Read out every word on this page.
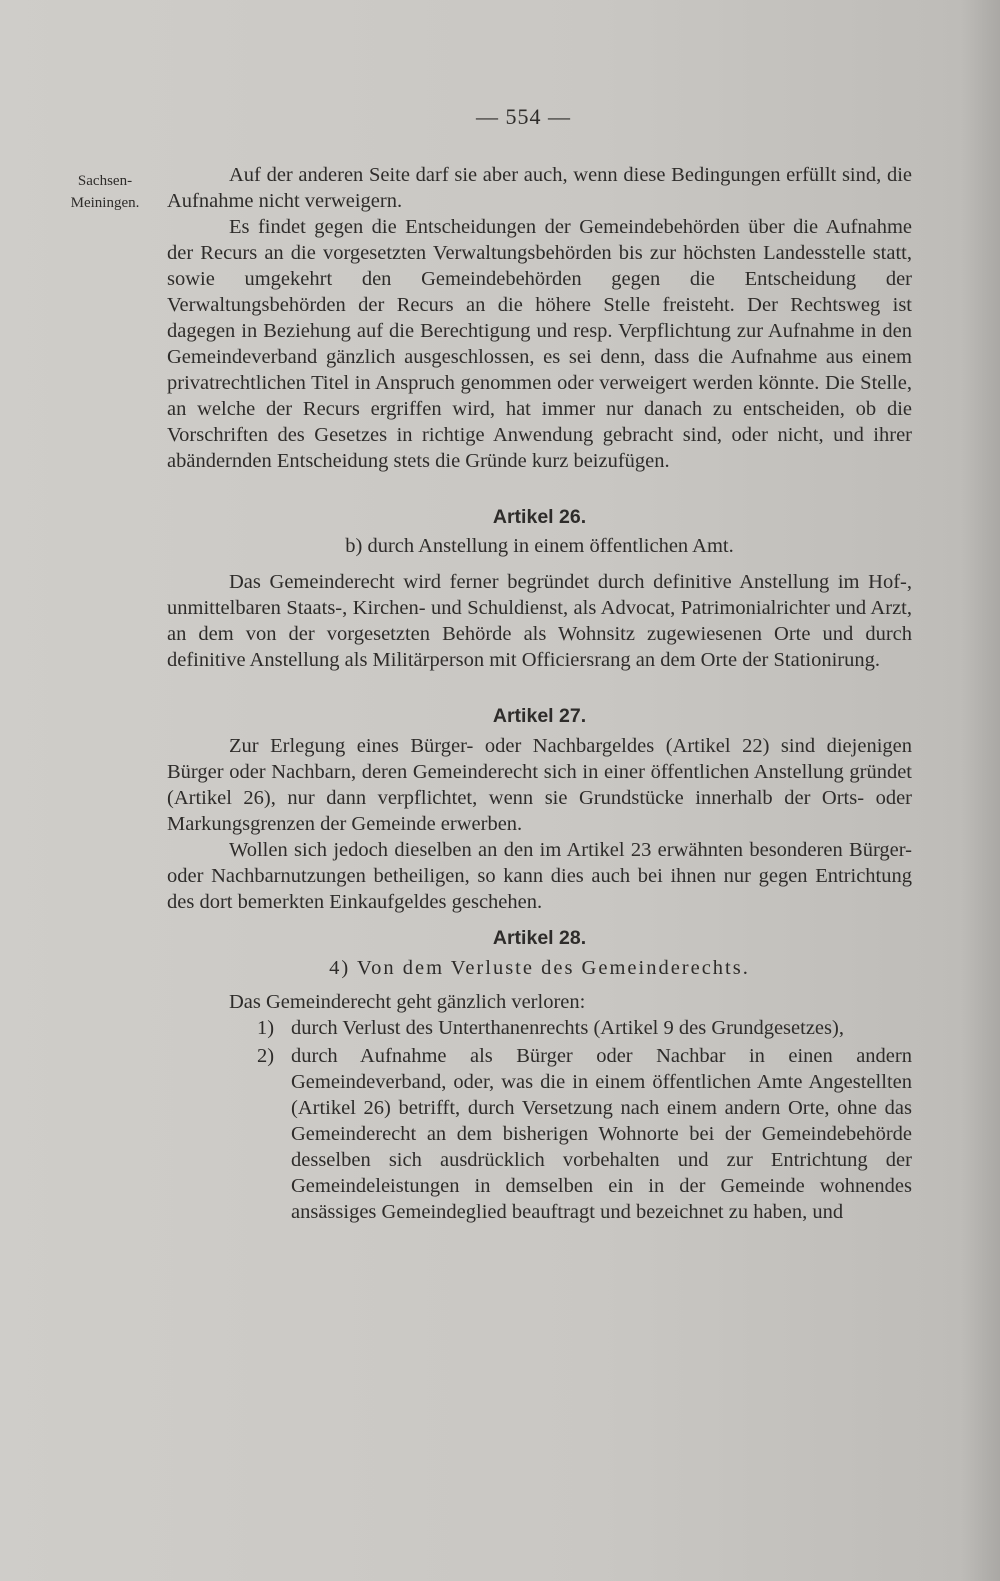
— 554 —
Sachsen-
Meiningen.

Auf der anderen Seite darf sie aber auch, wenn diese Bedingungen erfüllt sind, die Aufnahme nicht verweigern.

Es findet gegen die Entscheidungen der Gemeindebehörden über die Aufnahme der Recurs an die vorgesetzten Verwaltungsbehörden bis zur höchsten Landesstelle statt, sowie umgekehrt den Gemeindebehörden gegen die Entscheidung der Verwaltungsbehörden der Recurs an die höhere Stelle freisteht. Der Rechtsweg ist dagegen in Beziehung auf die Berechtigung und resp. Verpflichtung zur Aufnahme in den Gemeindeverband gänzlich ausgeschlossen, es sei denn, dass die Aufnahme aus einem privatrechtlichen Titel in Anspruch genommen oder verweigert werden könnte. Die Stelle, an welche der Recurs ergriffen wird, hat immer nur danach zu entscheiden, ob die Vorschriften des Gesetzes in richtige Anwendung gebracht sind, oder nicht, und ihrer abändernden Entscheidung stets die Gründe kurz beizufügen.

Artikel 26.

b) durch Anstellung in einem öffentlichen Amt.

Das Gemeinderecht wird ferner begründet durch definitive Anstellung im Hof-, unmittelbaren Staats-, Kirchen- und Schuldienst, als Advocat, Patrimonialrichter und Arzt, an dem von der vorgesetzten Behörde als Wohnsitz zugewiesenen Orte und durch definitive Anstellung als Militärperson mit Officiersrang an dem Orte der Stationirung.

Artikel 27.

Zur Erlegung eines Bürger- oder Nachbargeldes (Artikel 22) sind diejenigen Bürger oder Nachbarn, deren Gemeinderecht sich in einer öffentlichen Anstellung gründet (Artikel 26), nur dann verpflichtet, wenn sie Grundstücke innerhalb der Orts- oder Markungsgrenzen der Gemeinde erwerben.

Wollen sich jedoch dieselben an den im Artikel 23 erwähnten besonderen Bürger- oder Nachbarnutzungen betheiligen, so kann dies auch bei ihnen nur gegen Entrichtung des dort bemerkten Einkaufgeldes geschehen.

Artikel 28.

4) Von dem Verluste des Gemeinderechts.

Das Gemeinderecht geht gänzlich verloren:

1) durch Verlust des Unterthanenrechts (Artikel 9 des Grundgesetzes),
2) durch Aufnahme als Bürger oder Nachbar in einen andern Gemeindeverband, oder, was die in einem öffentlichen Amte Angestellten (Artikel 26) betrifft, durch Versetzung nach einem andern Orte, ohne das Gemeinderecht an dem bisherigen Wohnorte bei der Gemeindebehörde desselben sich ausdrücklich vorbehalten und zur Entrichtung der Gemeindeleistungen in demselben ein in der Gemeinde wohnendes ansässiges Gemeindeglied beauftragt und bezeichnet zu haben, und
